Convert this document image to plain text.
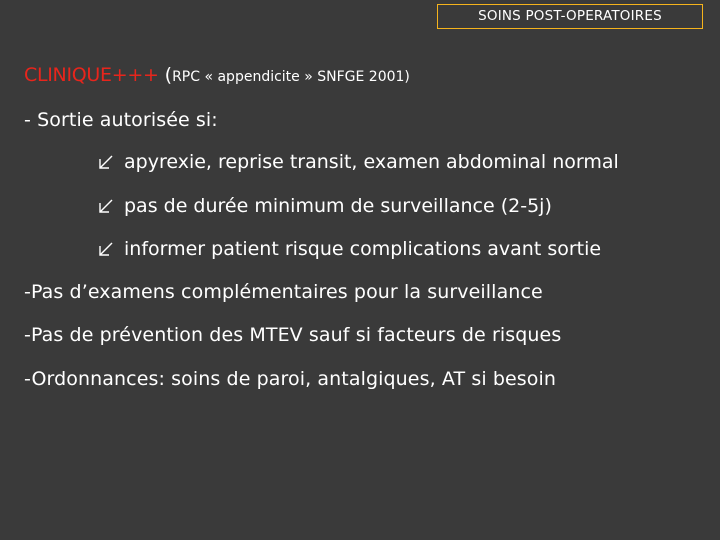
SOINS POST-OPERATOIRES
CLINIQUE+++ (RPC « appendicite » SNFGE 2001)
- Sortie autorisée si:
apyrexie, reprise transit, examen abdominal normal
pas de durée minimum de surveillance (2-5j)
informer patient risque complications avant sortie
-Pas d’examens complémentaires pour la surveillance
-Pas de prévention des MTEV sauf si facteurs de risques
-Ordonnances: soins de paroi, antalgiques, AT si besoin
